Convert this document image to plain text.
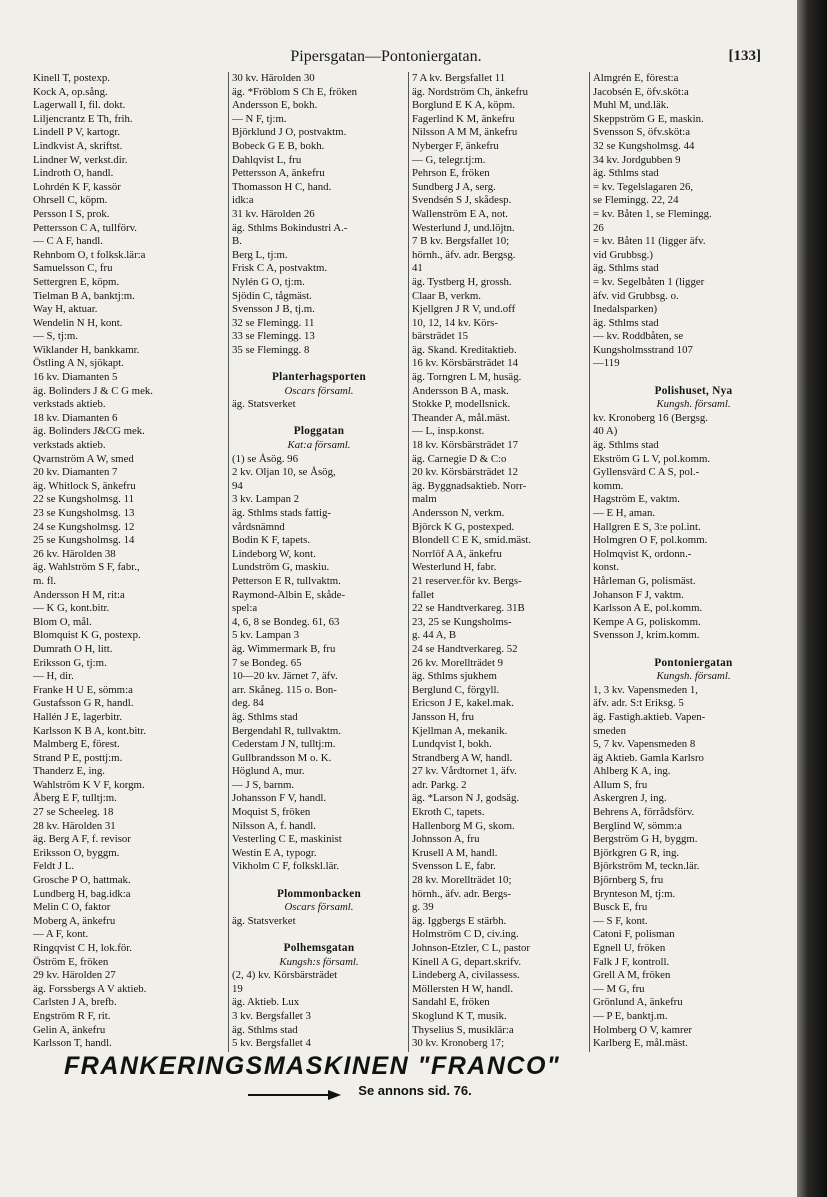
Pipersgatan—Pontoniergatan.	[133]
Kinell T, postexp.
Kock A, op.sång.
Lagerwall I, fil. dokt.
Liljencrantz E Th, frih.
Lindell P V, kartogr.
Lindkvist A, skriftst.
Lindner W, verkst.dir.
Lindroth O, handl.
Lohrdén K F, kassör
Ohrsell C, köpm.
Persson I S, prok.
Pettersson C A, tullförv.
— C A F, handl.
Rehnbom O, t folksk.lär:a
Samuelsson C, fru
Settergren E, köpm.
Tielman B A, banktj:m.
Way H, aktuar.
Wendelin N H, kont.
— S, tj:m.
Wiklander H, bankkamr.
Östling A N, sjökapt.
16 kv. Diamanten 5
äg. Bolinders J & C G mek.
verkstads aktieb.
18 kv. Diamanten 6
äg. Bolinders J&CG mek.
verkstads aktieb.
Qvarnström A W, smed
20 kv. Diamanten 7
äg. Whitlock S, änkefru
22 se Kungsholmsg. 11
23 se Kungsholmsg. 13
24 se Kungsholmsg. 12
25 se Kungsholmsg. 14
26 kv. Härolden 38
äg. Wahlström S F, fabr.,
m. fl.
Andersson H M, rit:a
— K G, kont.bitr.
Blom O, mål.
Blomquist K G, postexp.
Dumrath O H, litt.
Eriksson G, tj:m.
— H, dir.
Franke H U E, sömm:a
Gustafsson G R, handl.
Hallén J E, lagerbitr.
Karlsson K B A, kont.bitr.
Malmberg E, förest.
Strand P E, posttj:m.
Thanderz E, ing.
Wahlström K V F, korgm.
Åberg E F, tulltj:m.
27 se Scheeleg. 18
28 kv. Härolden 31
äg. Berg A F, f. revisor
Eriksson O, byggm.
Feldt J L.
Grosche P O, hattmak.
Lundberg H, bag.idk:a
Melin C O, faktor
Moberg A, änkefru
— A F, kont.
Ringqvist C H, lok.för.
Öström E, fröken
29 kv. Härolden 27
äg. Forssbergs A V aktieb.
Carlsten J A, brefb.
Engström R F, rit.
Gelin A, änkefru
Karlsson T, handl.
30 kv. Härolden 30
äg. *Fröblom S Ch E, fröken
Andersson E, bokh.
— N F, tj:m.
Björklund J O, postvaktm.
Bobeck G E B, bokh.
Dahlqvist L, fru
Pettersson A, änkefru
Thomasson H C, hand.
idk:a
31 kv. Härolden 26
äg. Sthlms Bokindustri A.-
B.
Berg L, tj:m.
Frisk C A, postvaktm.
Nylén G O, tj:m.
Sjödin C, tågmäst.
Svensson J B, tj.m.
32 se Flemingg. 11
33 se Flemingg. 13
35 se Flemingg. 8
Planterhagsporten
Oscars församl.
äg. Statsverket
Ploggatan
Kat:a församl.
(1) se Åsög. 96
2 kv. Oljan 10, se Åsög,
94
3 kv. Lampan 2
äg. Sthlms stads fattig-
vårdsnämnd
Bodin K F, tapets.
Lindeborg W, kont.
Lundström G, maskiu.
Petterson E R, tullvaktm.
Raymond-Albin E, skåde-
spel:a
4, 6, 8 se Bondeg. 61, 63
5 kv. Lampan 3
äg. Wimmermark B, fru
7 se Bondeg. 65
10—20 kv. Järnet 7, äfv.
arr. Skåneg. 115 o. Bon-
deg. 84
äg. Sthlms stad
Bergendahl R, tullvaktm.
Cederstam J N, tulltj:m.
Gullbrandsson M o. K.
Höglund A, mur.
— J S, barnm.
Johansson F V, handl.
Moquist S, fröken
Nilsson A, f. handl.
Vesterling C E, maskinist
Westin E A, typogr.
Vikholm C F, folkskl.lär.
Plommonbacken
Oscars församl.
äg. Statsverket
Polhemsgatan
Kungsh:s församl.
(2, 4) kv. Körsbärsträdet
19
äg. Aktieb. Lux
3 kv. Bergsfallet 3
äg. Sthlms stad
5 kv. Bergsfallet 4
7 A kv. Bergsfallet 11
äg. Nordström Ch, änkefru
Borglund E K A, köpm.
Fagerlind K M, änkefru
Nilsson A M M, änkefru
Nyberger F, änkefru
— G, telegr.tj:m.
Pehrson E, fröken
Sundberg J A, serg.
Svendsén S J, skådesp.
Wallenström E A, not.
Westerlund J, und.löjtn.
7 B kv. Bergsfallet 10;
hörnh., äfv. adr. Bergsg.
41
äg. Tystberg H, grossh.
Claar B, verkm.
Kjellgren J R V, und.off
10, 12, 14 kv. Körs-
bärsträdet 15
äg. Skand. Kreditaktieb.
16 kv. Körsbärsträdet 14
äg. Torngren L M, husäg.
Andersson B A, mask.
Stokke P, modellsnick.
Theander A, mål.mäst.
— L, insp.konst.
18 kv. Körsbärsträdet 17
äg. Carnegie D & C:o
20 kv. Körsbärsträdet 12
äg. Byggnadsaktieb. Norr-
malm
Andersson N, verkm.
Björck K G, postexped.
Blondell C E K, smid.mäst.
Norrlöf A A, änkefru
Westerlund H, fabr.
21 reserver.för kv. Bergs-
fallet
22 se Handtverkareg. 31B
23, 25 se Kungsholms-
g. 44 A, B
24 se Handtverkareg. 52
26 kv. Morellträdet 9
äg. Sthlms sjukhem
Berglund C, förgyll.
Ericson J E, kakel.mak.
Jansson H, fru
Kjellman A, mekanik.
Lundqvist I, bokh.
Strandberg A W, handl.
27 kv. Vårdtornet 1, äfv.
adr. Parkg. 2
äg. *Larson N J, godsäg.
Ekroth C, tapets.
Hallenborg M G, skom.
Johnsson A, fru
Krusell A M, handl.
Svensson L E, fabr.
28 kv. Morellträdet 10;
hörnh., äfv. adr. Bergs-
g. 39
äg. Iggbergs E stärbh.
Holmström C D, civ.ing.
Johnson-Etzler, C L, pastor
Kinell A G, depart.skrifv.
Lindeberg A, civilassess.
Möllersten H W, handl.
Sandahl E, fröken
Skoglund K T, musik.
Thyselius S, musiklär:a
30 kv. Kronoberg 17;
Almgrén E, förest:a
Jacobsén E, öfv.sköt:a
Muhl M, und.läk.
Skeppström G E, maskin.
Svensson S, öfv.sköt:a
32 se Kungsholmsg. 44
34 kv. Jordgubben 9
äg. Sthlms stad
= kv. Tegelslagaren 26,
se Flemingg. 22, 24
= kv. Båten 1, se Flemingg.
26
= kv. Båten 11 (ligger äfv.
vid Grubbsg.)
äg. Sthlms stad
= kv. Segelbåten 1 (ligger
äfv. vid Grubbsg. o.
Inedalsparken)
äg. Sthlms stad
— kv. Roddbåten, se
Kungsholmsstrand 107
—119
Polishuset, Nya
Kungsh. församl.
kv. Kronoberg 16 (Bergsg.
40 A)
äg. Sthlms stad
Ekström G L V, pol.komm.
Gyllensvärd C A S, pol.-
komm.
Hagström E, vaktm.
— E H, aman.
Hallgren E S, 3:e pol.int.
Holmgren O F, pol.komm.
Holmqvist K, ordonn.-
konst.
Hårleman G, polismäst.
Johanson F J, vaktm.
Karlsson A E, pol.komm.
Kempe A G, poliskomm.
Svensson J, krim.komm.
Pontoniergatan
Kungsh. församl.
1, 3 kv. Vapensmeden 1,
äfv. adr. S:t Eriksg. 5
äg. Fastigh.aktieb. Vapen-
smeden
5, 7 kv. Vapensmeden 8
äg Aktieb. Gamla Karlsro
Ahlberg K A, ing.
Allum S, fru
Askergren J, ing.
Behrens A, förrådsförv.
Berglind W, sömm:a
Bergström G H, byggm.
Björkgren G R, ing.
Björkström M, teckn.lär.
Björnberg S, fru
Brynteson M, tj:m.
Busck E, fru
— S F, kont.
Catoni F, polisman
Egnell U, fröken
Falk J F, kontroll.
Grell A M, fröken
— M G, fru
Grönlund A, änkefru
— P E, banktj.m.
Holmberg O V, kamrer
Karlberg E, mål.mäst.
FRANKERINGSMASKINEN "FRANCO"
Se annons sid. 76.
